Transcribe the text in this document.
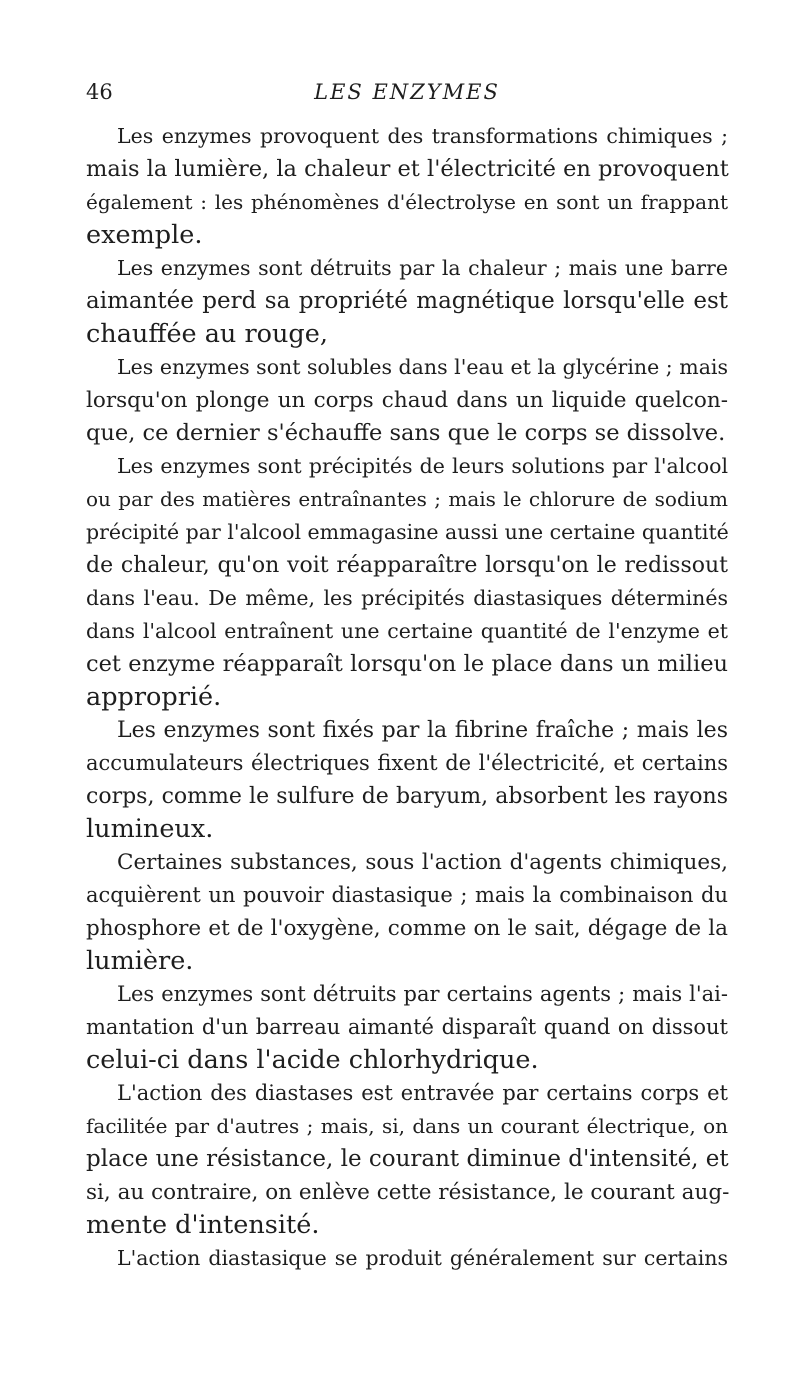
46	LES ENZYMES
Les enzymes provoquent des transformations chimiques ;
mais la lumière, la chaleur et l'électricité en provoquent
également : les phénomènes d'électrolyse en sont un frappant
exemple.
Les enzymes sont détruits par la chaleur ; mais une barre
aimantée perd sa propriété magnétique lorsqu'elle est
chauffée au rouge,
Les enzymes sont solubles dans l'eau et la glycérine ; mais
lorsqu'on plonge un corps chaud dans un liquide quelcon-
que, ce dernier s'échauffe sans que le corps se dissolve.
Les enzymes sont précipités de leurs solutions par l'alcool
ou par des matières entraînantes ; mais le chlorure de sodium
précipité par l'alcool emmagasine aussi une certaine quantité
de chaleur, qu'on voit réapparaître lorsqu'on le redissout
dans l'eau. De même, les précipités diastasiques déterminés
dans l'alcool entraînent une certaine quantité de l'enzyme et
cet enzyme réapparaît lorsqu'on le place dans un milieu
approprié.
Les enzymes sont fixés par la fibrine fraîche ; mais les
accumulateurs électriques fixent de l'électricité, et certains
corps, comme le sulfure de baryum, absorbent les rayons
lumineux.
Certaines substances, sous l'action d'agents chimiques,
acquièrent un pouvoir diastasique ; mais la combinaison du
phosphore et de l'oxygène, comme on le sait, dégage de la
lumière.
Les enzymes sont détruits par certains agents ; mais l'ai-
mantation d'un barreau aimanté disparaît quand on dissout
celui-ci dans l'acide chlorhydrique.
L'action des diastases est entravée par certains corps et
facilitée par d'autres ; mais, si, dans un courant électrique, on
place une résistance, le courant diminue d'intensité, et
si, au contraire, on enlève cette résistance, le courant aug-
mente d'intensité.
L'action diastasique se produit généralement sur certains
